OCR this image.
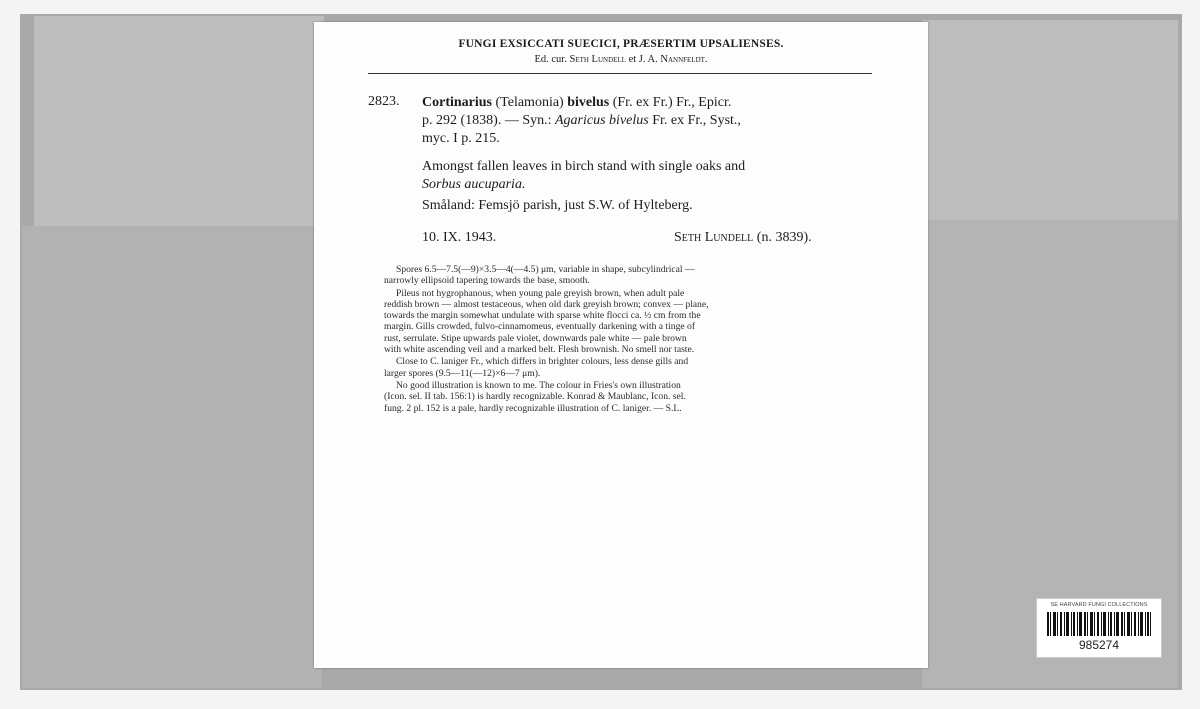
FUNGI EXSICCATI SUECICI, PRÆSERTIM UPSALIENSES.
Ed. cur. Seth Lundell et J. A. Nannfeldt.
2823. Cortinarius (Telamonia) bivelus (Fr. ex Fr.) Fr., Epicr.
p. 292 (1838). — Syn.: Agaricus bivelus Fr. ex Fr., Syst.,
myc. I p. 215.
Amongst fallen leaves in birch stand with single oaks and
Sorbus aucuparia.
Småland: Femsjö parish, just S.W. of Hylteberg.
10. IX. 1943.	Seth Lundell (n. 3839).

Spores 6.5—7.5(—9)×3.5—4(—4.5) μm, variable in shape, subcylindrical —
narrowly ellipsoid tapering towards the base, smooth.

Pileus not hygrophanous, when young pale greyish brown, when adult pale
reddish brown — almost testaceous, when old dark greyish brown; convex — plane,
towards the margin somewhat undulate with sparse white flocci ca. ½ cm from the
margin. Gills crowded, fulvo-cinnamomeus, eventually darkening with a tinge of
rust, serrulate. Stipe upwards pale violet, downwards pale white — pale brown
with white ascending veil and a marked belt. Flesh brownish. No smell nor taste.

Close to C. laniger Fr., which differs in brighter colours, less dense gills and
larger spores (9.5—11(—12)×6—7 μm).

No good illustration is known to me. The colour in Fries's own illustration
(Icon. sel. II tab. 156:1) is hardly recognizable. Konrad & Maublanc, Icon. sel.
fung. 2 pl. 152 is a pale, hardly recognizable illustration of C. laniger. — S.L.

SE HARVARD FUNGI COLLECTIONS
985274
